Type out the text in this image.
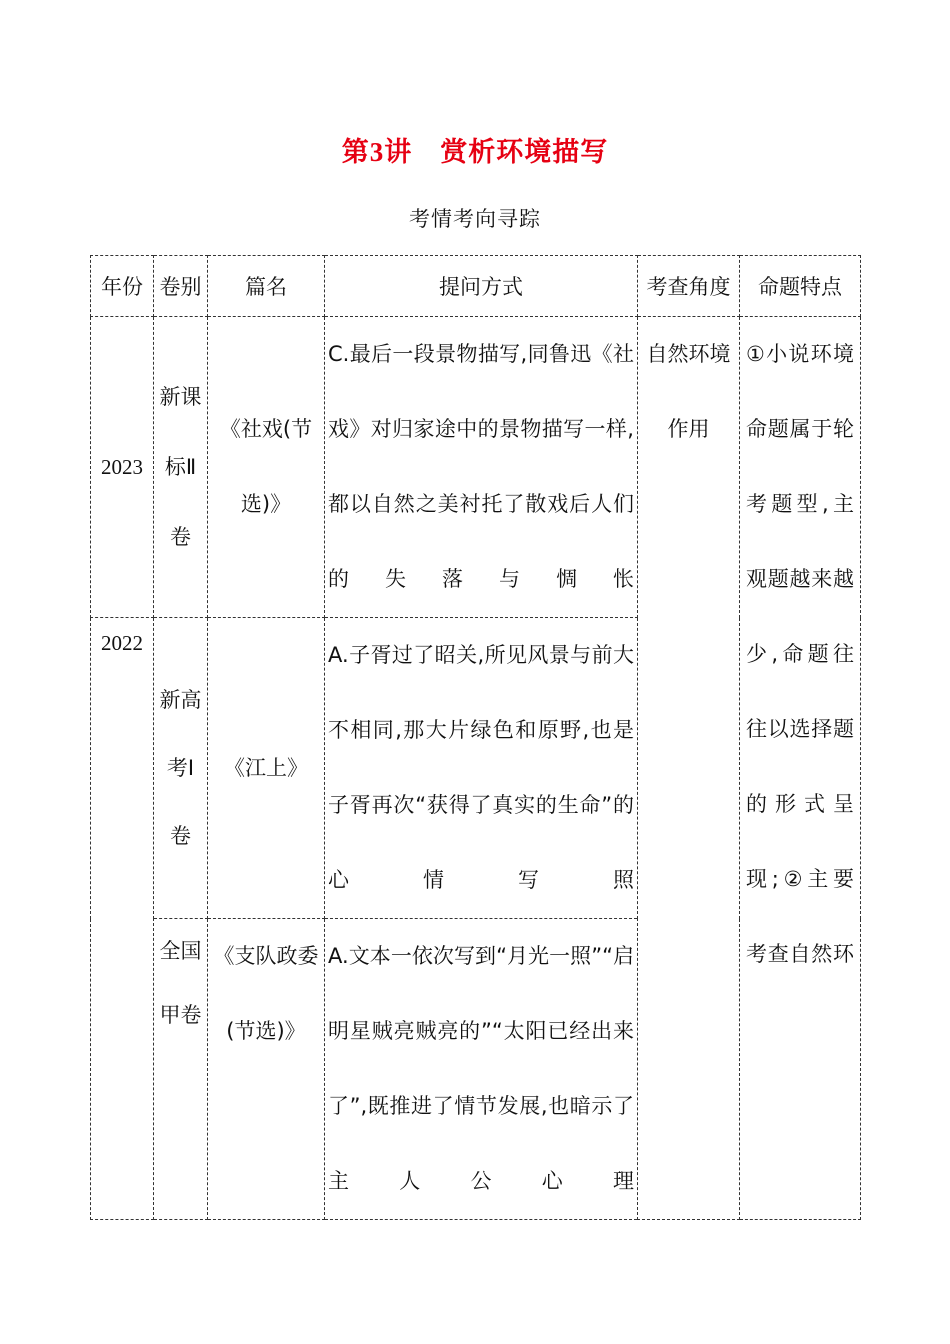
第3讲　赏析环境描写
考情考向寻踪
年份	卷别	篇名	提问方式	考查角度	命题特点
2023	新课标Ⅱ卷	《社戏(节选)》	C.最后一段景物描写,同鲁迅《社戏》对归家途中的景物描写一样,都以自然之美衬托了散戏后人们的失落与惆怅	自然环境作用	①小说环境命题属于轮考题型,主观题越来越少,命题往往以选择题的形式呈现;②主要考查自然环
2022	新高考Ⅰ卷	《江上》	A.子胥过了昭关,所见风景与前大不相同,那大片绿色和原野,也是子胥再次“获得了真实的生命”的心情写照		
	全国甲卷	《支队政委(节选)》	A.文本一依次写到“月光一照”“启明星贼亮贼亮的”“太阳已经出来了”,既推进了情节发展,也暗示了主人公心理		
